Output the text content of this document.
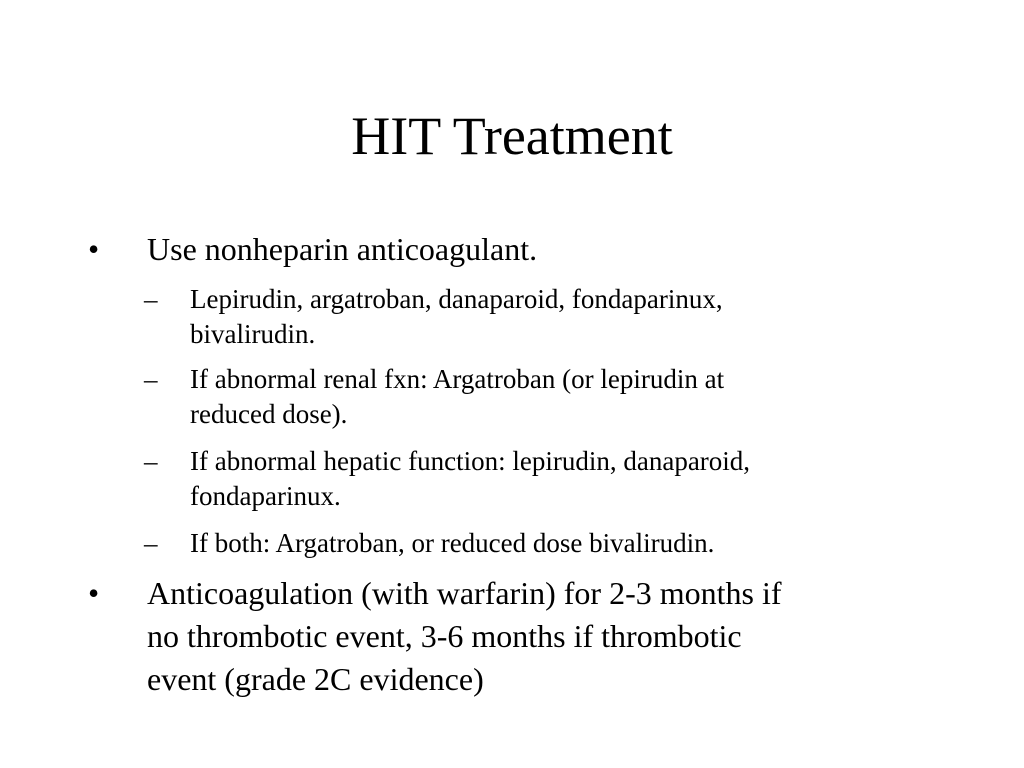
HIT Treatment
• Use nonheparin anticoagulant.
– Lepirudin, argatroban, danaparoid, fondaparinux,
bivalirudin.
– If abnormal renal fxn: Argatroban (or lepirudin at
reduced dose).
– If abnormal hepatic function: lepirudin, danaparoid,
fondaparinux.
– If both: Argatroban, or reduced dose bivalirudin.
• Anticoagulation (with warfarin) for 2-3 months if
no thrombotic event, 3-6 months if thrombotic
event (grade 2C evidence)
